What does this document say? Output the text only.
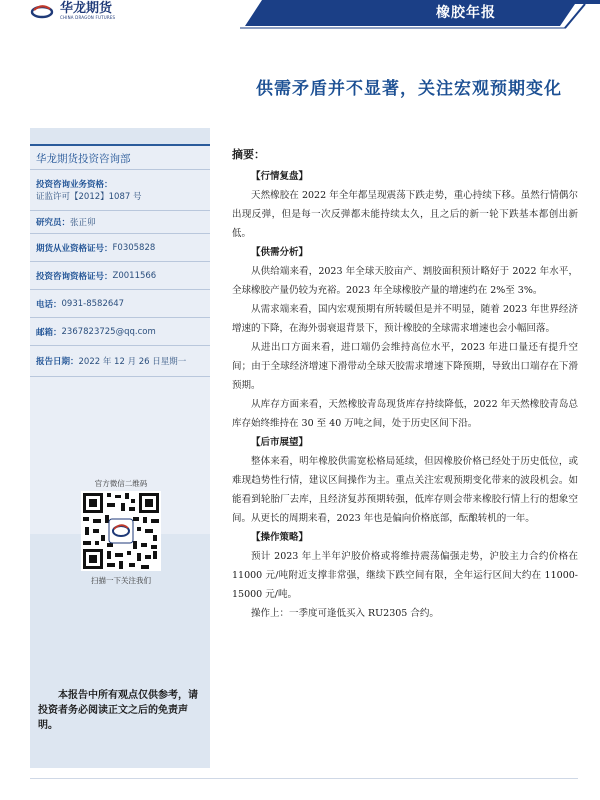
橡胶年报
华龙期货
CHINA DRAGON FUTURES
供需矛盾并不显著，关注宏观预期变化
华龙期货投资咨询部
投资咨询业务资格：
证监许可【2012】1087 号
研究员： 张正卯
期货从业资格证号： F0305828
投资咨询资格证号： Z0011566
电话： 0931-8582647
邮箱： 2367823725@qq.com
报告日期： 2022 年 12 月 26 日星期一
官方微信二维码
扫描一下关注我们
本报告中所有观点仅供参考，请投资者务必阅读正文之后的免责声明。
摘要：
【行情复盘】

天然橡胶在 2022 年全年都呈现震荡下跌走势，重心持续下移。虽然行情偶尔出现反弹，但是每一次反弹都未能持续太久，且之后的新一轮下跌基本都创出新低。

【供需分析】

从供给端来看，2023 年全球天胶亩产、割胶面积预计略好于 2022 年水平，全球橡胶产量仍较为充裕。2023 年全球橡胶产量的增速约在 2%至 3%。

从需求端来看，国内宏观预期有所转暖但是并不明显，随着 2023 年世界经济增速的下降，在海外弱衰退背景下，预计橡胶的全球需求增速也会小幅回落。

从进出口方面来看，进口端仍会维持高位水平，2023 年进口量还有提升空间；由于全球经济增速下滑带动全球天胶需求增速下降预期，导致出口端存在下滑预期。

从库存方面来看，天然橡胶青岛现货库存持续降低，2022 年天然橡胶青岛总库存始终维持在 30 至 40 万吨之间，处于历史区间下沿。

【后市展望】

整体来看，明年橡胶供需宽松格局延续，但因橡胶价格已经处于历史低位，或难现趋势性行情，建议区间操作为主。重点关注宏观预期变化带来的波段机会。如能看到轮胎厂去库，且经济复苏预期转强，低库存则会带来橡胶行情上行的想象空间。从更长的周期来看，2023 年也是偏向价格底部，酝酿转机的一年。

【操作策略】

预计 2023 年上半年沪胶价格或将维持震荡偏强走势，沪胶主力合约价格在 11000 元/吨附近支撑非常强，继续下跌空间有限，全年运行区间大约在 11000-15000 元/吨。

操作上：一季度可逢低买入 RU2305 合约。
